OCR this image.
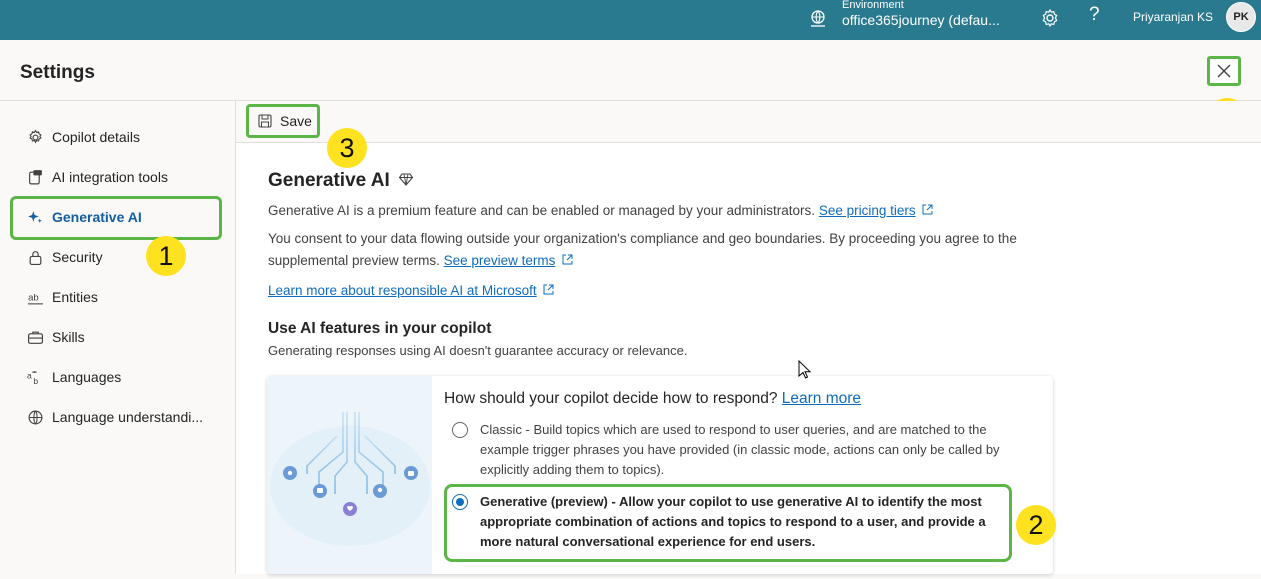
Environment
office365journey (defau...	?	Priyaranjan KS	PK
Settings
Copilot details
AI integration tools
Generative AI
1
Security
ab Entities
Skills
a
b Languages
Language understandi...
Save
3
Generative AI
Generative AI is a premium feature and can be enabled or managed by your administrators. See pricing tiers
You consent to your data flowing outside your organization's compliance and geo boundaries. By proceeding you agree to the
supplemental preview terms. See preview terms
Learn more about responsible AI at Microsoft
Use AI features in your copilot
Generating responses using AI doesn't guarantee accuracy or relevance.
How should your copilot decide how to respond? Learn more
Classic - Build topics which are used to respond to user queries, and are matched to the example trigger phrases you have provided (in classic mode, actions can only be called by explicitly adding them to topics).
Generative (preview) - Allow your copilot to use generative AI to identify the most appropriate combination of actions and topics to respond to a user, and provide a more natural conversational experience for end users.
2
